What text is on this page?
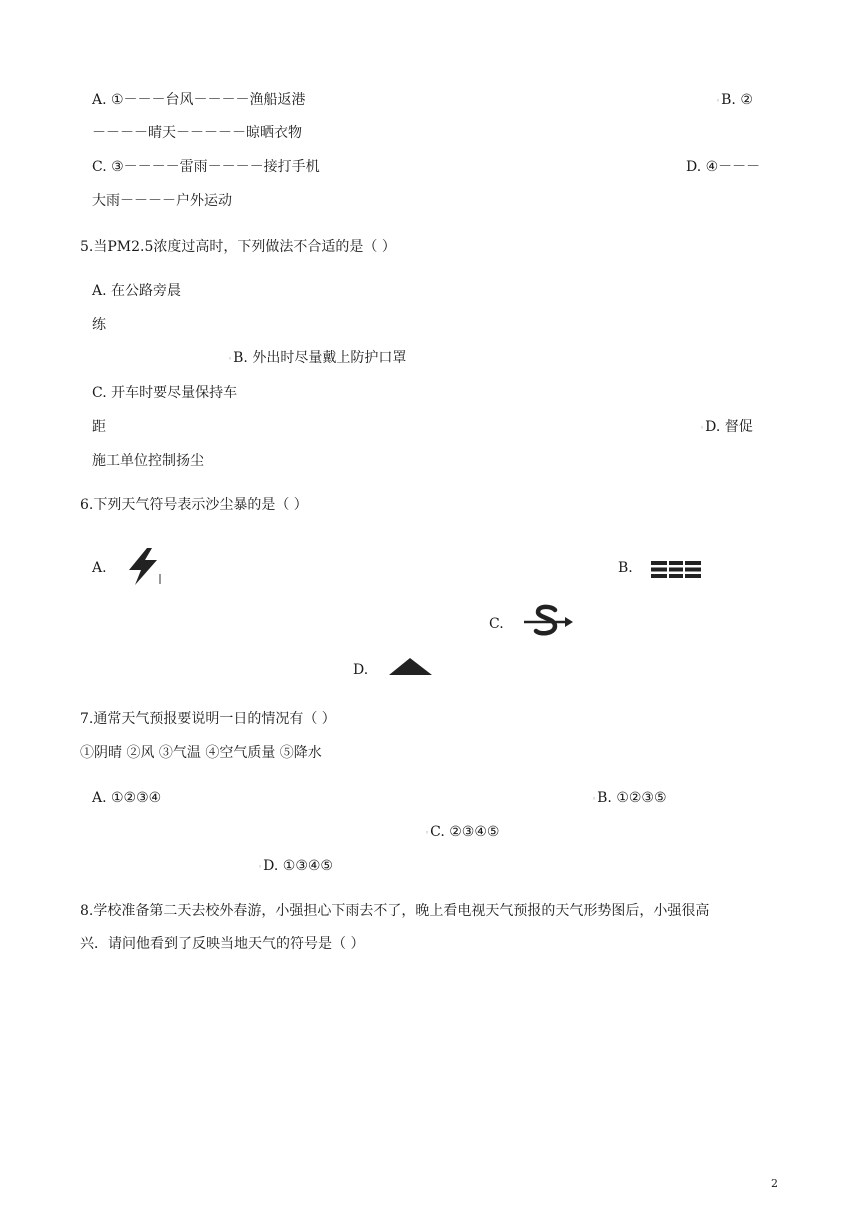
A. ①－－－台风－－－－渔船返港	◦B. ②
－－－－晴天－－－－－晾晒衣物
C. ③－－－－雷雨－－－－接打手机	D. ④－－－
大雨－－－－户外运动
5.当PM2.5浓度过高时，下列做法不合适的是（ ）
A. 在公路旁晨
练
◦B. 外出时尽量戴上防护口罩
C. 开车时要尽量保持车
距	◦D. 督促
施工单位控制扬尘
6.下列天气符号表示沙尘暴的是（ ）
A.	B.
C.
D.
7.通常天气预报要说明一日的情况有（ ）
①阴晴 ②风 ③气温 ④空气质量 ⑤降水
A. ①②③④	◦B. ①②③⑤
◦C. ②③④⑤
◦D. ①③④⑤
8.学校准备第二天去校外春游，小强担心下雨去不了，晚上看电视天气预报的天气形势图后，小强很高
兴．请问他看到了反映当地天气的符号是（ ）
2
